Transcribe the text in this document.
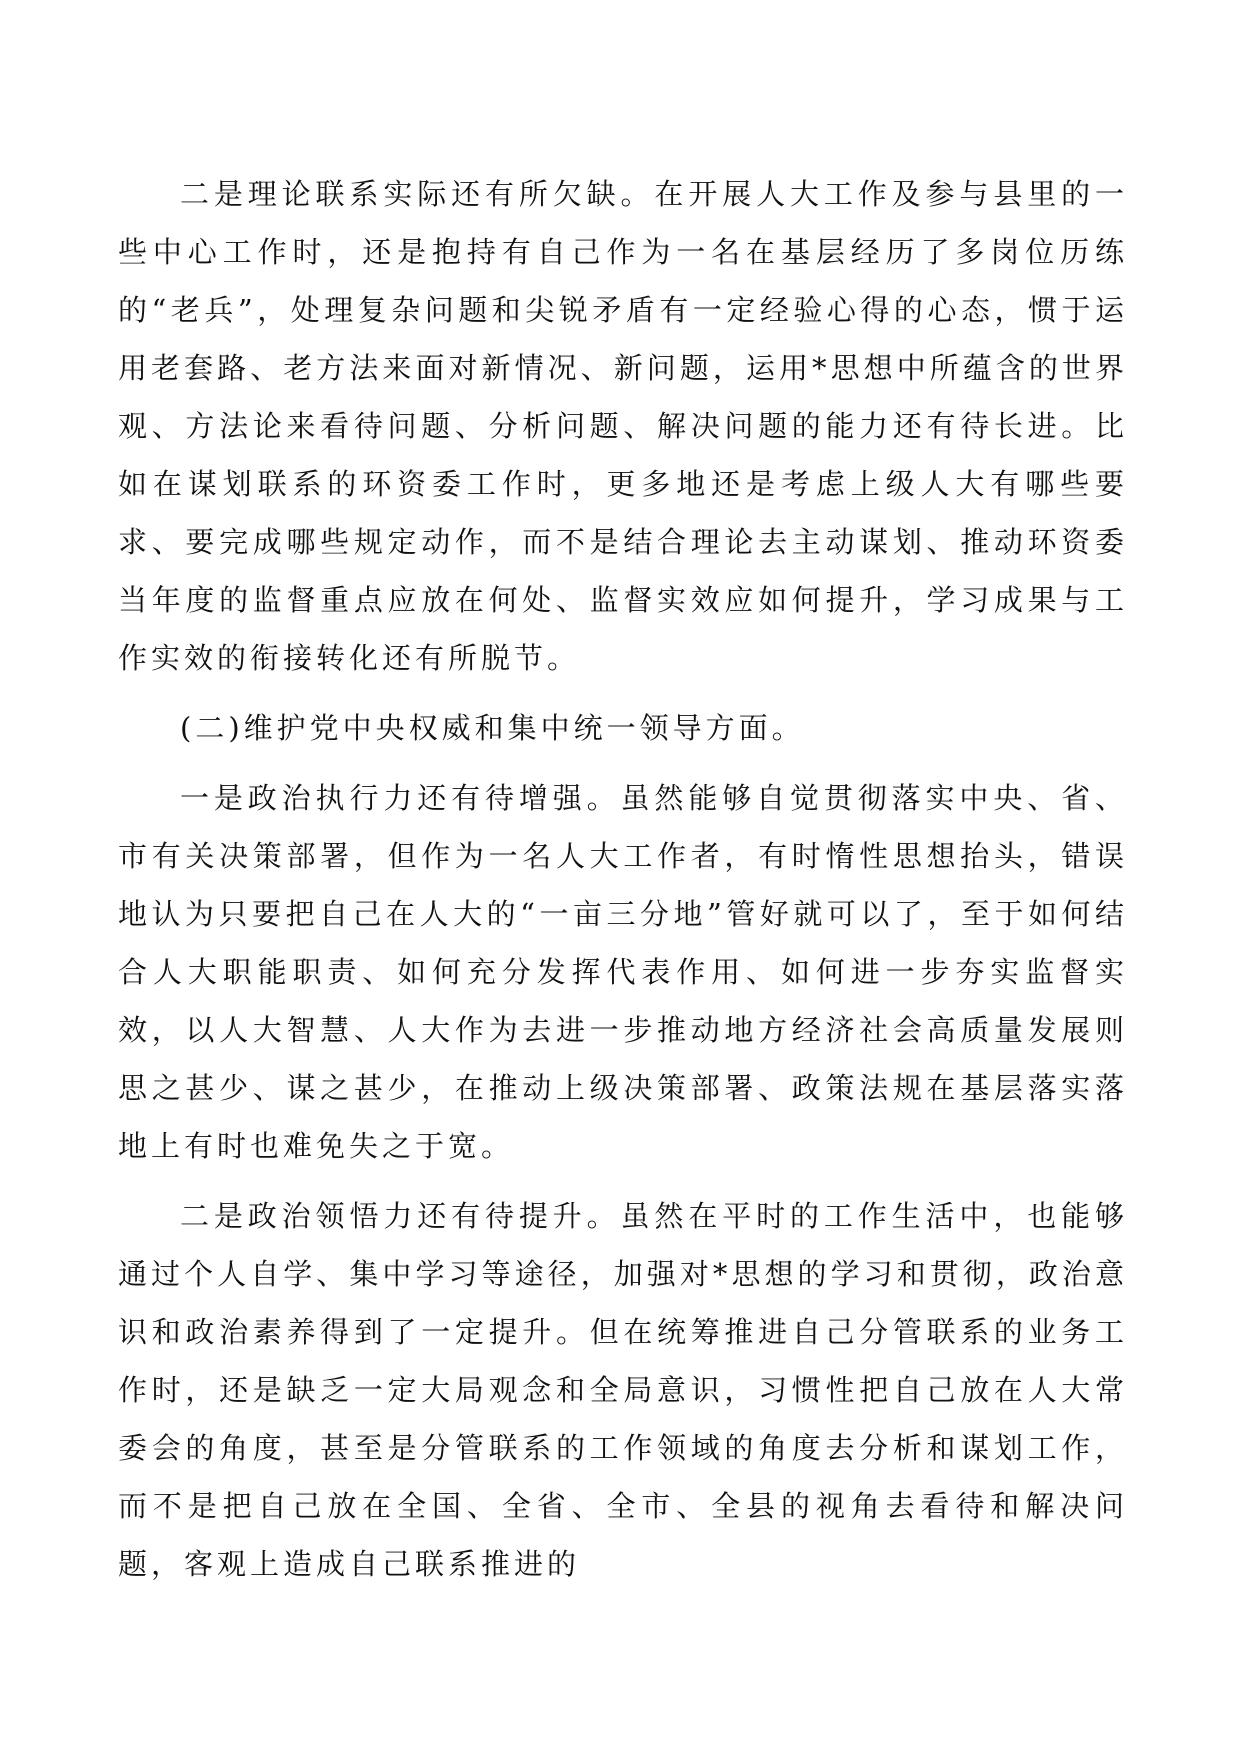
二是理论联系实际还有所欠缺。在开展人大工作及参与县里的一些中心工作时，还是抱持有自己作为一名在基层经历了多岗位历练的“老兵”，处理复杂问题和尖锐矛盾有一定经验心得的心态，惯于运用老套路、老方法来面对新情况、新问题，运用*思想中所蕴含的世界观、方法论来看待问题、分析问题、解决问题的能力还有待长进。比如在谋划联系的环资委工作时，更多地还是考虑上级人大有哪些要求、要完成哪些规定动作，而不是结合理论去主动谋划、推动环资委当年度的监督重点应放在何处、监督实效应如何提升，学习成果与工作实效的衔接转化还有所脱节。

(二)维护党中央权威和集中统一领导方面。

一是政治执行力还有待增强。虽然能够自觉贯彻落实中央、省、市有关决策部署，但作为一名人大工作者，有时惰性思想抬头，错误地认为只要把自己在人大的“一亩三分地”管好就可以了，至于如何结合人大职能职责、如何充分发挥代表作用、如何进一步夯实监督实效，以人大智慧、人大作为去进一步推动地方经济社会高质量发展则思之甚少、谋之甚少，在推动上级决策部署、政策法规在基层落实落地上有时也难免失之于宽。

二是政治领悟力还有待提升。虽然在平时的工作生活中，也能够通过个人自学、集中学习等途径，加强对*思想的学习和贯彻，政治意识和政治素养得到了一定提升。但在统筹推进自己分管联系的业务工作时，还是缺乏一定大局观念和全局意识，习惯性把自己放在人大常委会的角度，甚至是分管联系的工作领域的角度去分析和谋划工作，而不是把自己放在全国、全省、全市、全县的视角去看待和解决问题，客观上造成自己联系推进的
